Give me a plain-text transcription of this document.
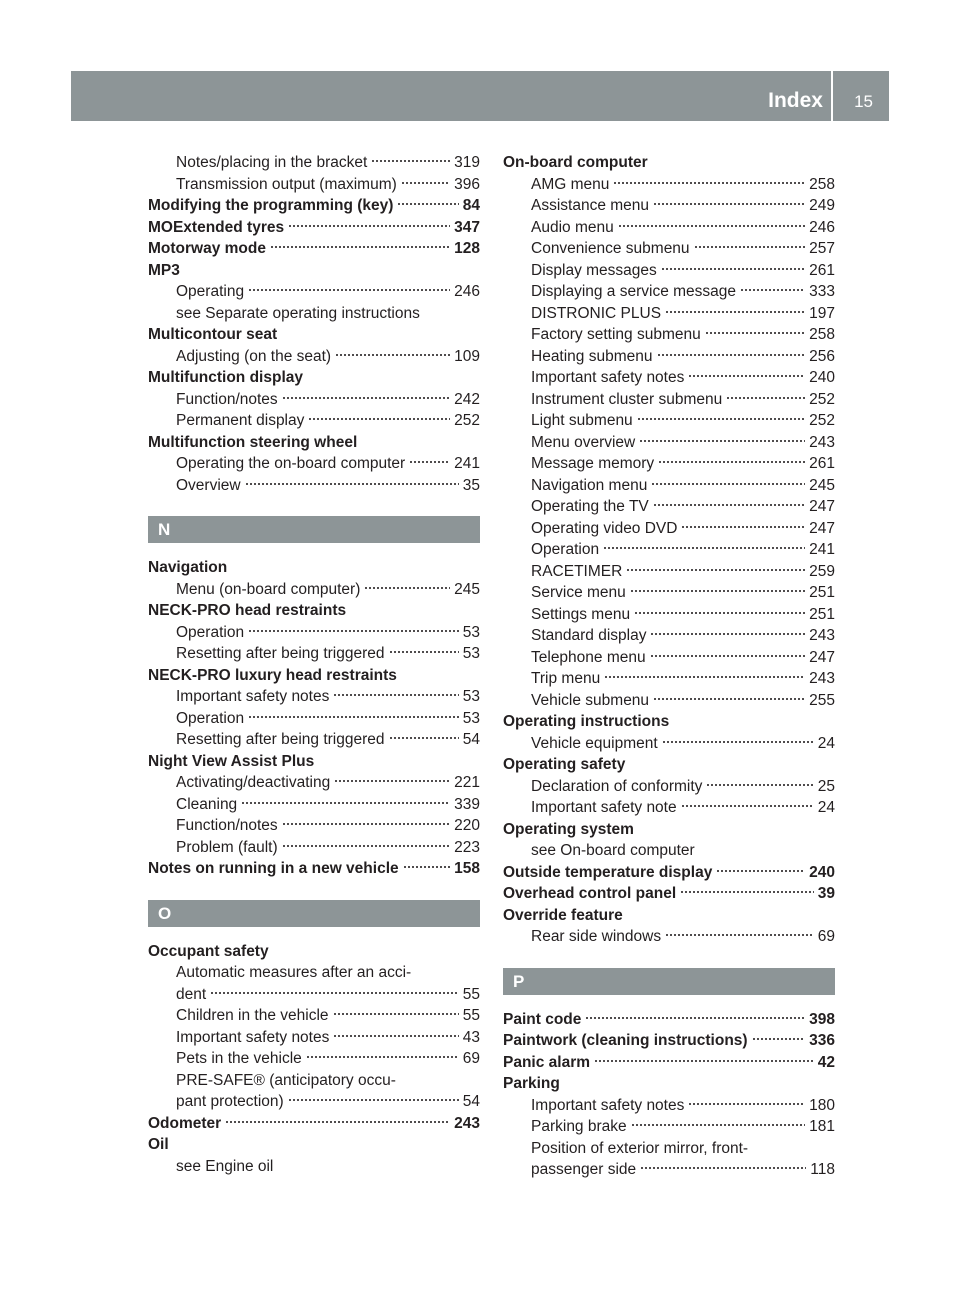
Index 15
Notes/placing in the bracket	319
Transmission output (maximum)	396
Modifying the programming (key)	84
MOExtended tyres	347
Motorway mode	128
MP3
Operating	246
see Separate operating instructions
Multicontour seat
Adjusting (on the seat)	109
Multifunction display
Function/notes	242
Permanent display	252
Multifunction steering wheel
Operating the on-board computer	241
Overview	35
N
Navigation
Menu (on-board computer)	245
NECK-PRO head restraints
Operation	53
Resetting after being triggered	53
NECK-PRO luxury head restraints
Important safety notes	53
Operation	53
Resetting after being triggered	54
Night View Assist Plus
Activating/deactivating	221
Cleaning	339
Function/notes	220
Problem (fault)	223
Notes on running in a new vehicle	158
O
Occupant safety
Automatic measures after an acci-
dent	55
Children in the vehicle	55
Important safety notes	43
Pets in the vehicle	69
PRE-SAFE® (anticipatory occu-
pant protection)	54
Odometer	243
Oil
see Engine oil
On-board computer
AMG menu	258
Assistance menu	249
Audio menu	246
Convenience submenu	257
Display messages	261
Displaying a service message	333
DISTRONIC PLUS	197
Factory setting submenu	258
Heating submenu	256
Important safety notes	240
Instrument cluster submenu	252
Light submenu	252
Menu overview	243
Message memory	261
Navigation menu	245
Operating the TV	247
Operating video DVD	247
Operation	241
RACETIMER	259
Service menu	251
Settings menu	251
Standard display	243
Telephone menu	247
Trip menu	243
Vehicle submenu	255
Operating instructions
Vehicle equipment	24
Operating safety
Declaration of conformity	25
Important safety note	24
Operating system
see On-board computer
Outside temperature display	240
Overhead control panel	39
Override feature
Rear side windows	69
P
Paint code	398
Paintwork (cleaning instructions)	336
Panic alarm	42
Parking
Important safety notes	180
Parking brake	181
Position of exterior mirror, front-
passenger side	118
